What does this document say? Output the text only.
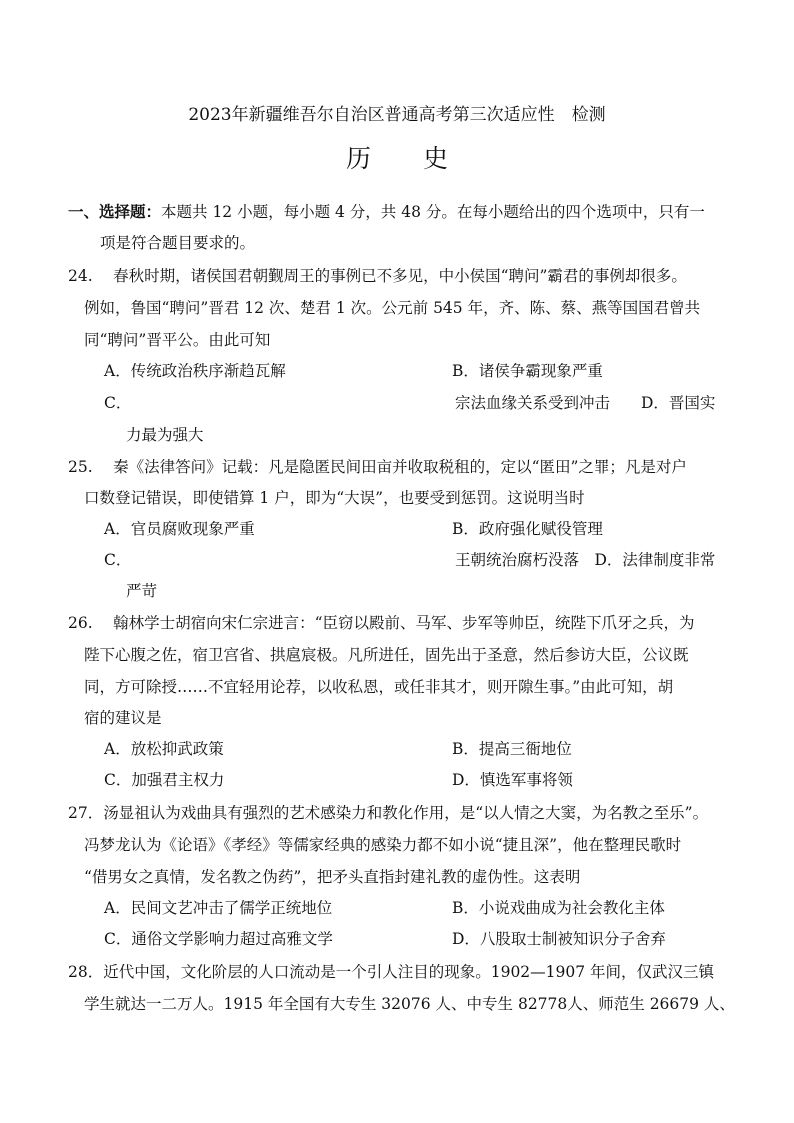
2023年新疆维吾尔自治区普通高考第三次适应性　检测
历 史
一、选择题：本题共 12 小题，每小题 4 分，共 48 分。在每小题给出的四个选项中，只有一
项是符合题目要求的。
24.　 春秋时期，诸侯国君朝觐周王的事例已不多见，中小侯国“聘问”霸君的事例却很多。
例如，鲁国“聘问”晋君 12 次、楚君 1 次。公元前 545 年，齐、陈、蔡、燕等国国君曾共
同“聘问”晋平公。由此可知
A．传统政治秩序渐趋瓦解	B．诸侯争霸现象严重
C．	宗法血缘关系受到冲击　　D．晋国实
力最为强大
25.　 秦《法律答问》记载：凡是隐匿民间田亩并收取税租的，定以“匿田”之罪；凡是对户
口数登记错误，即使错算 1 户，即为“大误”，也要受到惩罚。这说明当时
A．官员腐败现象严重	B．政府强化赋役管理
C．	王朝统治腐朽没落　D．法律制度非常
严苛
26.　 翰林学士胡宿向宋仁宗进言：“臣窃以殿前、马军、步军等帅臣，统陛下爪牙之兵，为
陛下心腹之佐，宿卫宫省、拱扈宸极。凡所进任，固先出于圣意，然后参访大臣，公议既
同，方可除授……不宜轻用论荐，以收私恩，或任非其才，则开隙生事。”由此可知，胡
宿的建议是
A．放松抑武政策	B．提高三衙地位
C．加强君主权力	D．慎选军事将领
27．汤显祖认为戏曲具有强烈的艺术感染力和教化作用，是“以人情之大窦，为名教之至乐”。
冯梦龙认为《论语》《孝经》等儒家经典的感染力都不如小说“捷且深”，他在整理民歌时
“借男女之真情，发名教之伪药”，把矛头直指封建礼教的虚伪性。这表明
A．民间文艺冲击了儒学正统地位	B．小说戏曲成为社会教化主体
C．通俗文学影响力超过高雅文学	D．八股取士制被知识分子舍弃
28．近代中国，文化阶层的人口流动是一个引人注目的现象。1902—1907 年间，仅武汉三镇
学生就达一二万人。1915 年全国有大专生 32076 人、中专生 82778人、师范生 26679 人、
